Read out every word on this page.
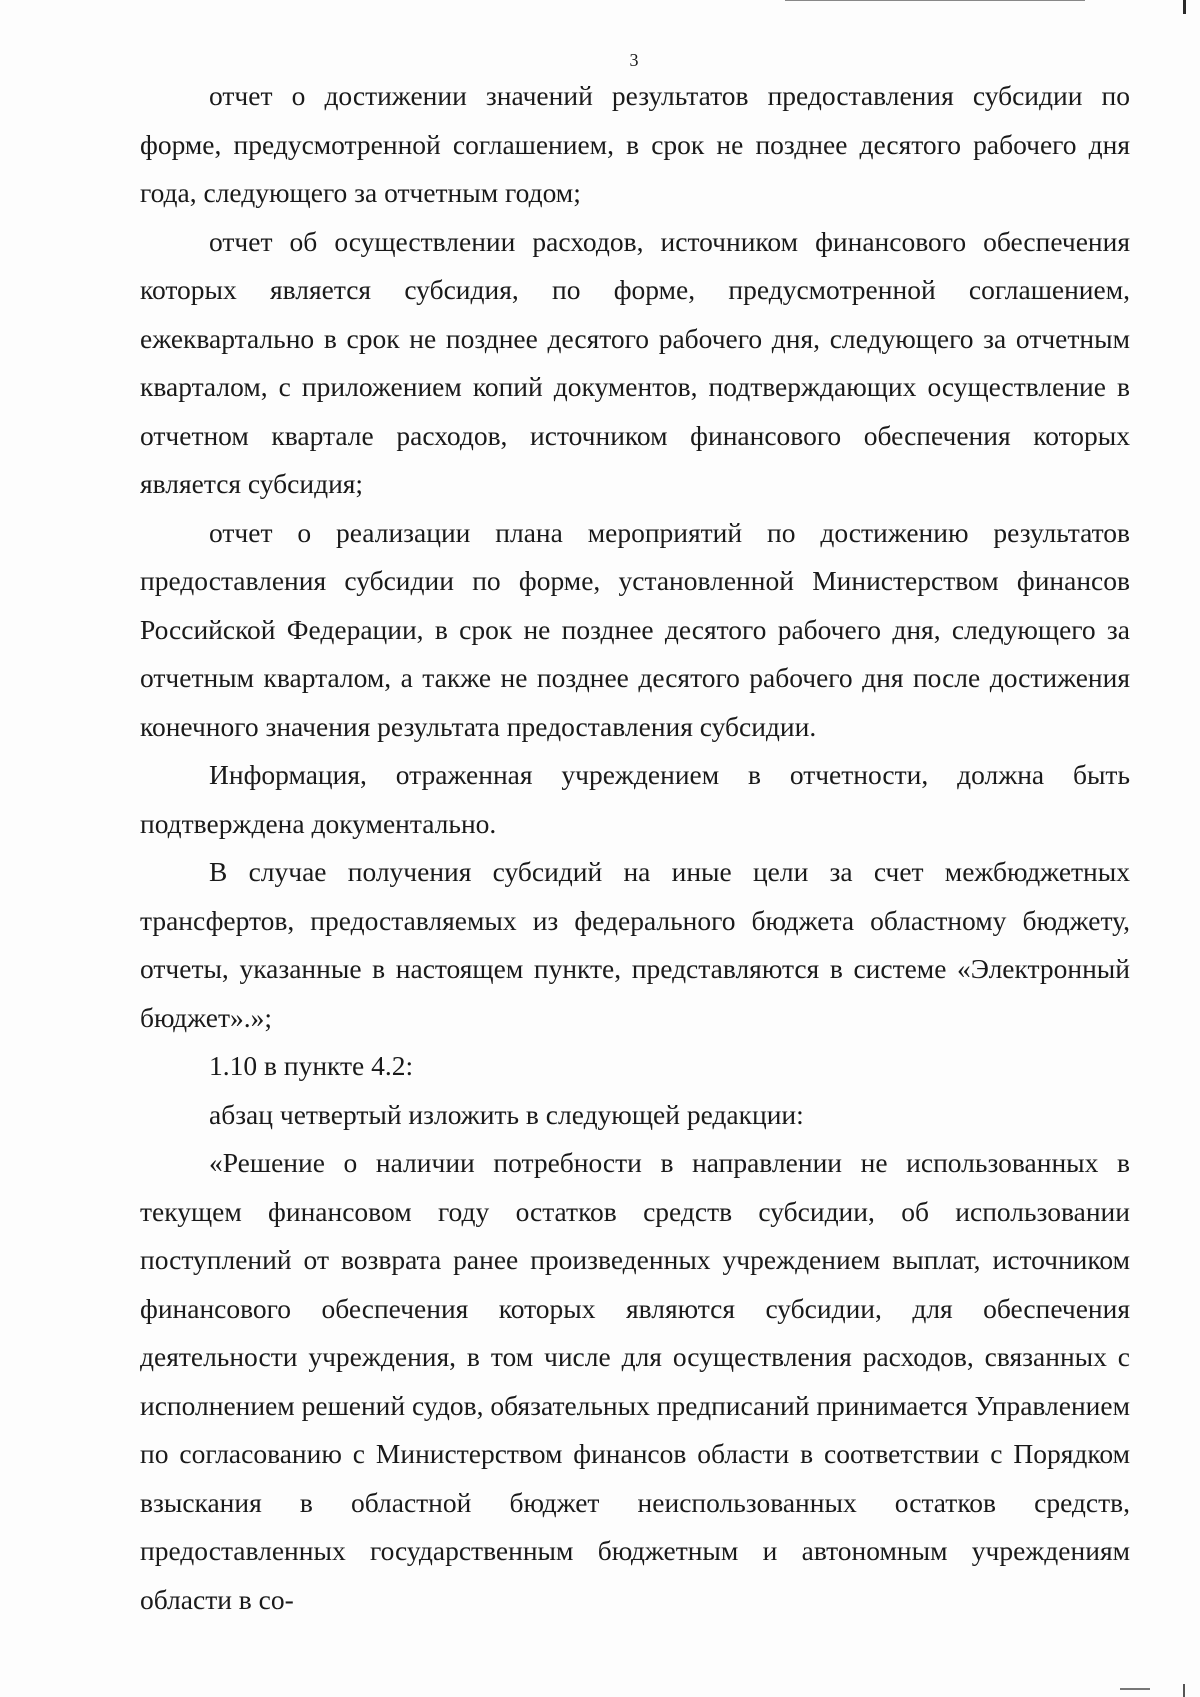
3

отчет о достижении значений результатов предоставления субсидии по форме, предусмотренной соглашением, в срок не позднее десятого рабочего дня года, следующего за отчетным годом;

отчет об осуществлении расходов, источником финансового обеспечения которых является субсидия, по форме, предусмотренной соглашением, ежеквартально в срок не позднее десятого рабочего дня, следующего за отчетным кварталом, с приложением копий документов, подтверждающих осуществление в отчетном квартале расходов, источником финансового обеспечения которых является субсидия;

отчет о реализации плана мероприятий по достижению результатов предоставления субсидии по форме, установленной Министерством финансов Российской Федерации, в срок не позднее десятого рабочего дня, следующего за отчетным кварталом, а также не позднее десятого рабочего дня после достижения конечного значения результата предоставления субсидии.

Информация, отраженная учреждением в отчетности, должна быть подтверждена документально.

В случае получения субсидий на иные цели за счет межбюджетных трансфертов, предоставляемых из федерального бюджета областному бюджету, отчеты, указанные в настоящем пункте, представляются в системе «Электронный бюджет».»;

1.10 в пункте 4.2:

абзац четвертый изложить в следующей редакции:

«Решение о наличии потребности в направлении не использованных в текущем финансовом году остатков средств субсидии, об использовании поступлений от возврата ранее произведенных учреждением выплат, источником финансового обеспечения которых являются субсидии, для обеспечения деятельности учреждения, в том числе для осуществления расходов, связанных с исполнением решений судов, обязательных предписаний принимается Управлением по согласованию с Министерством финансов области в соответствии с Порядком взыскания в областной бюджет неиспользованных остатков средств, предоставленных государственным бюджетным и автономным учреждениям области в со-
